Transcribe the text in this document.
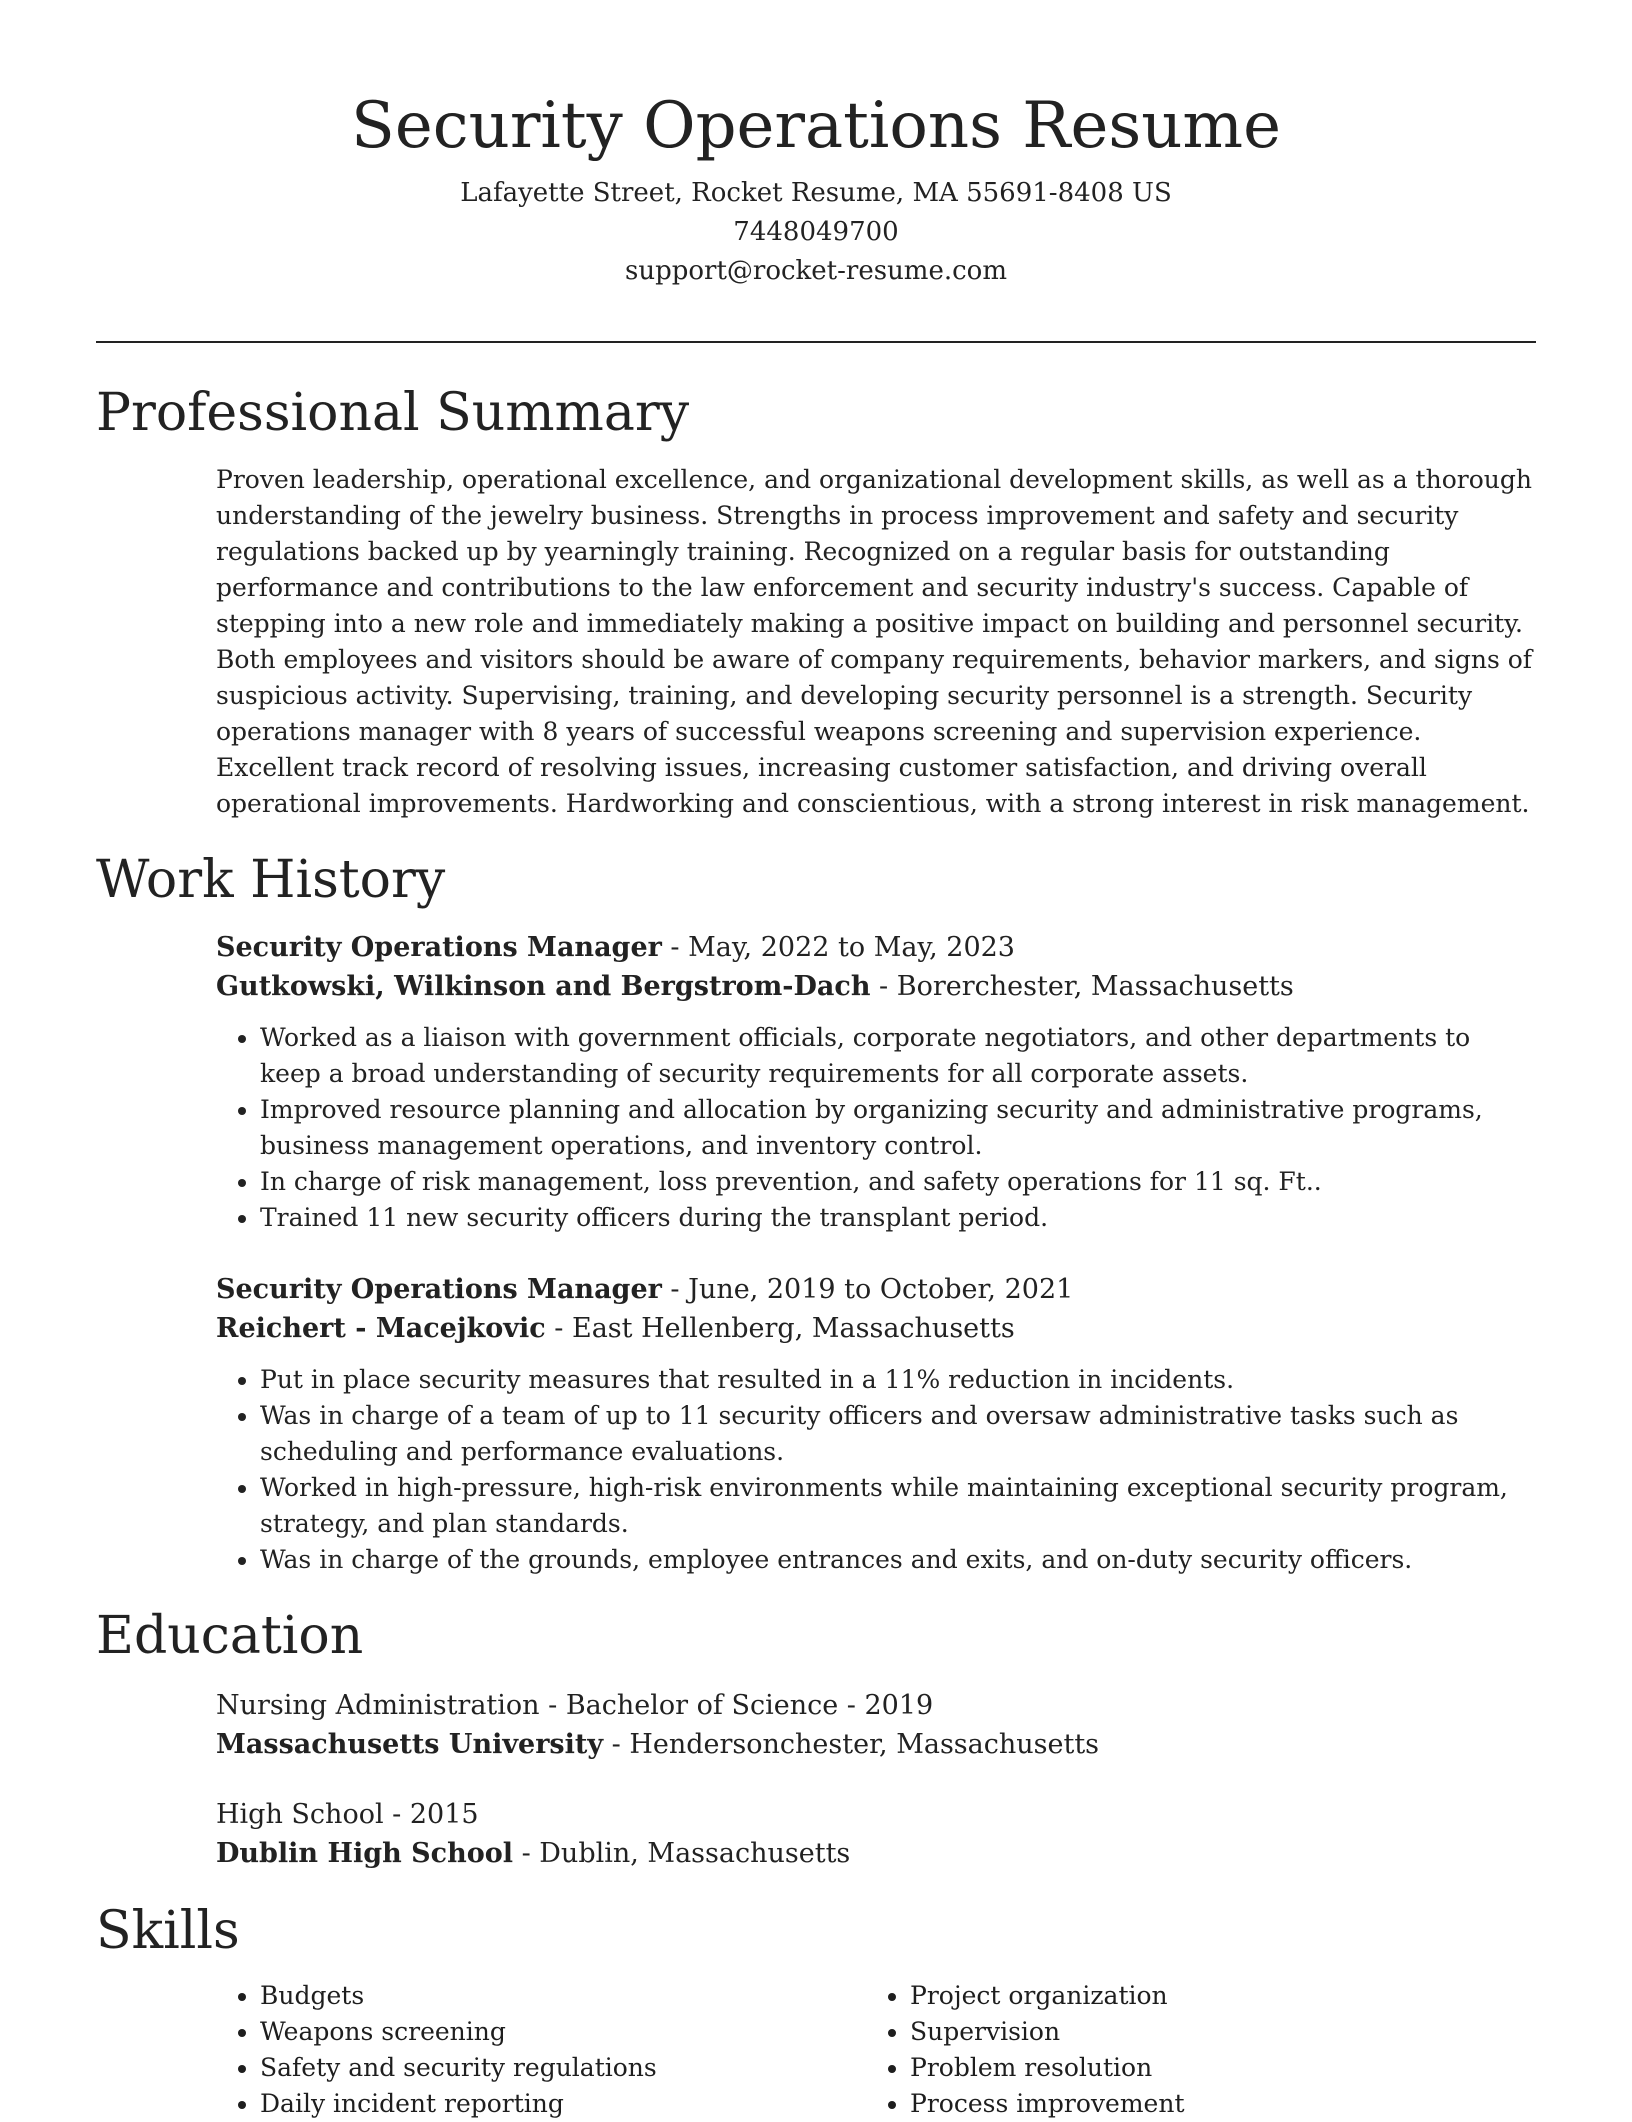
Security Operations Resume
Lafayette Street, Rocket Resume, MA 55691-8408 US
7448049700
support@rocket-resume.com
Professional Summary

Proven leadership, operational excellence, and organizational development skills, as well as a thorough understanding of the jewelry business. Strengths in process improvement and safety and security regulations backed up by yearningly training. Recognized on a regular basis for outstanding performance and contributions to the law enforcement and security industry's success. Capable of stepping into a new role and immediately making a positive impact on building and personnel security. Both employees and visitors should be aware of company requirements, behavior markers, and signs of suspicious activity. Supervising, training, and developing security personnel is a strength. Security operations manager with 8 years of successful weapons screening and supervision experience. Excellent track record of resolving issues, increasing customer satisfaction, and driving overall operational improvements. Hardworking and conscientious, with a strong interest in risk management.

Work History
Security Operations Manager - May, 2022 to May, 2023
Gutkowski, Wilkinson and Bergstrom-Dach - Borerchester, Massachusetts
• Worked as a liaison with government officials, corporate negotiators, and other departments to keep a broad understanding of security requirements for all corporate assets.
• Improved resource planning and allocation by organizing security and administrative programs, business management operations, and inventory control.
• In charge of risk management, loss prevention, and safety operations for 11 sq. Ft..
• Trained 11 new security officers during the transplant period.
Security Operations Manager - June, 2019 to October, 2021
Reichert - Macejkovic - East Hellenberg, Massachusetts
• Put in place security measures that resulted in a 11% reduction in incidents.
• Was in charge of a team of up to 11 security officers and oversaw administrative tasks such as scheduling and performance evaluations.
• Worked in high-pressure, high-risk environments while maintaining exceptional security program, strategy, and plan standards.
• Was in charge of the grounds, employee entrances and exits, and on-duty security officers.
Education
Nursing Administration - Bachelor of Science - 2019
Massachusetts University - Hendersonchester, Massachusetts
High School - 2015
Dublin High School - Dublin, Massachusetts
Skills
• Budgets
• Weapons screening
• Safety and security regulations
• Daily incident reporting
• Project organization
• Supervision
• Problem resolution
• Process improvement
